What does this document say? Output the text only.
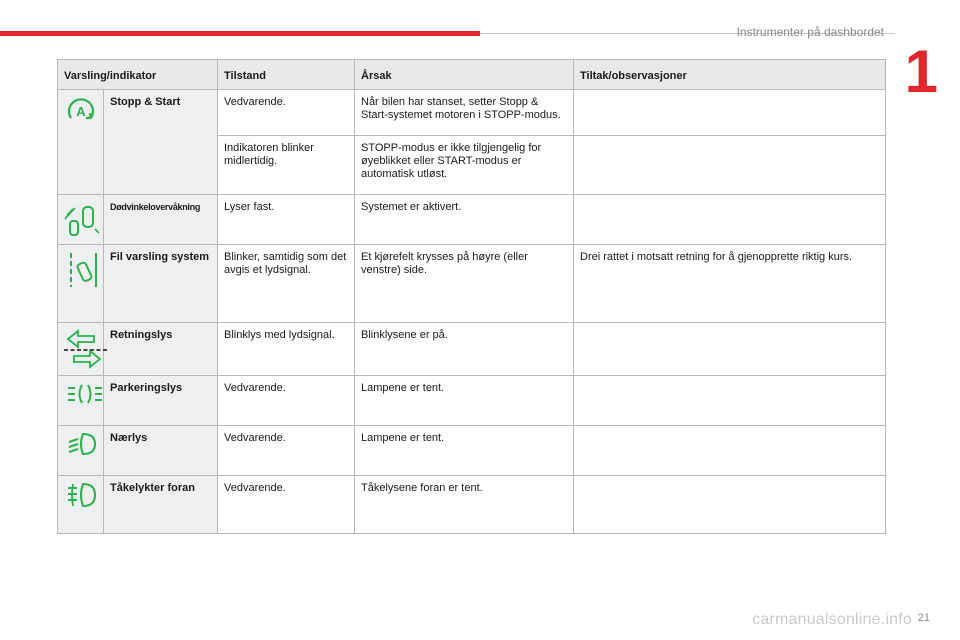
Instrumenter på dashbordet
1
Varsling/indikator		Tilstand	Årsak	Tiltak/observasjoner

A	Stopp & Start	Vedvarende.	Når bilen har stanset, setter Stopp & Start-systemet motoren i STOPP-modus.	
		Indikatoren blinker midlertidig.	STOPP-modus er ikke tilgjengelig for øyeblikket eller START-modus er automatisk utløst.	

	Dødvinkelovervåkning	Lyser fast.	Systemet er aktivert.	

	Fil varsling system	Blinker, samtidig som det avgis et lydsignal.	Et kjørefelt krysses på høyre (eller venstre) side.	Drei rattet i motsatt retning for å gjenopprette riktig kurs.

	Retningslys	Blinklys med lydsignal.	Blinklysene er på.	

	Parkeringslys	Vedvarende.	Lampene er tent.	

	Nærlys	Vedvarende.	Lampene er tent.	

	Tåkelykter foran	Vedvarende.	Tåkelysene foran er tent.	
carmanualsonline.info 21
